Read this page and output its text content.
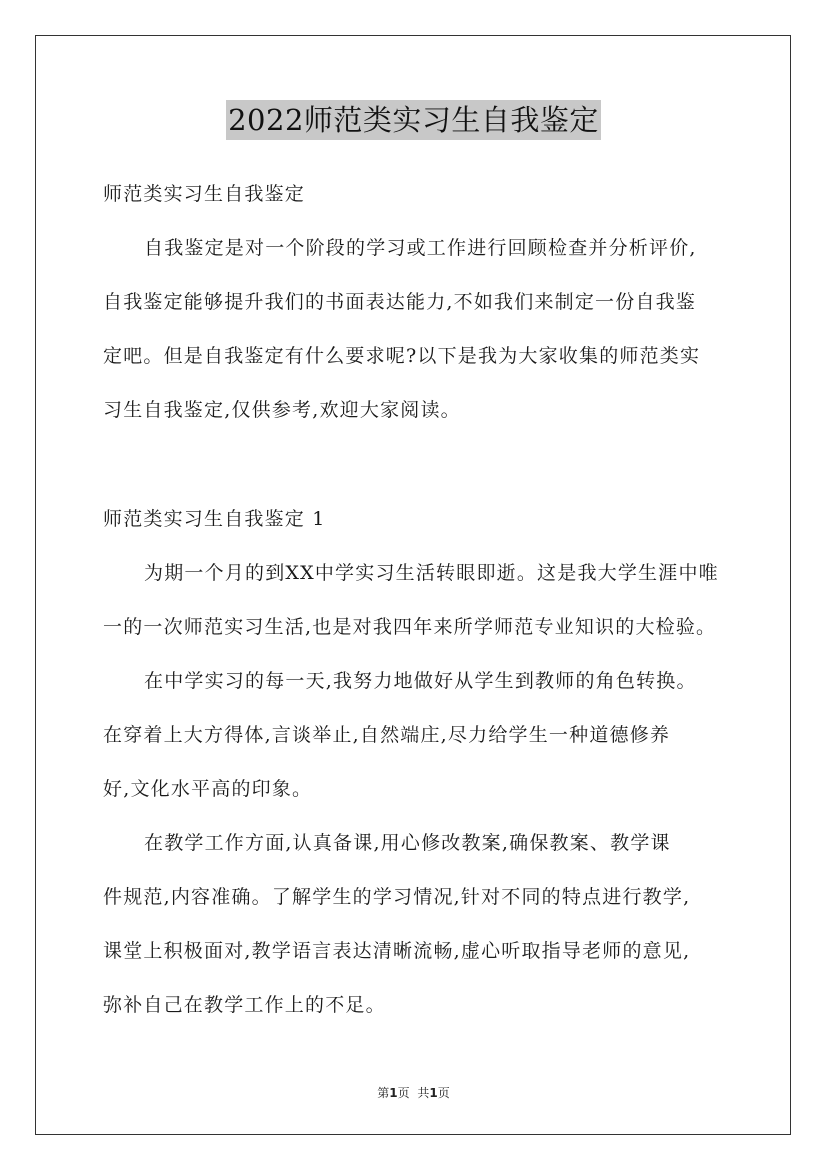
2022师范类实习生自我鉴定
师范类实习生自我鉴定
自我鉴定是对一个阶段的学习或工作进行回顾检查并分析评价,
自我鉴定能够提升我们的书面表达能力,不如我们来制定一份自我鉴
定吧。但是自我鉴定有什么要求呢?以下是我为大家收集的师范类实
习生自我鉴定,仅供参考,欢迎大家阅读。
师范类实习生自我鉴定 1
为期一个月的到XX中学实习生活转眼即逝。这是我大学生涯中唯
一的一次师范实习生活,也是对我四年来所学师范专业知识的大检验。
在中学实习的每一天,我努力地做好从学生到教师的角色转换。
在穿着上大方得体,言谈举止,自然端庄,尽力给学生一种道德修养
好,文化水平高的印象。
在教学工作方面,认真备课,用心修改教案,确保教案、教学课
件规范,内容准确。了解学生的学习情况,针对不同的特点进行教学,
课堂上积极面对,教学语言表达清晰流畅,虚心听取指导老师的意见,
弥补自己在教学工作上的不足。
第1页 共1页
